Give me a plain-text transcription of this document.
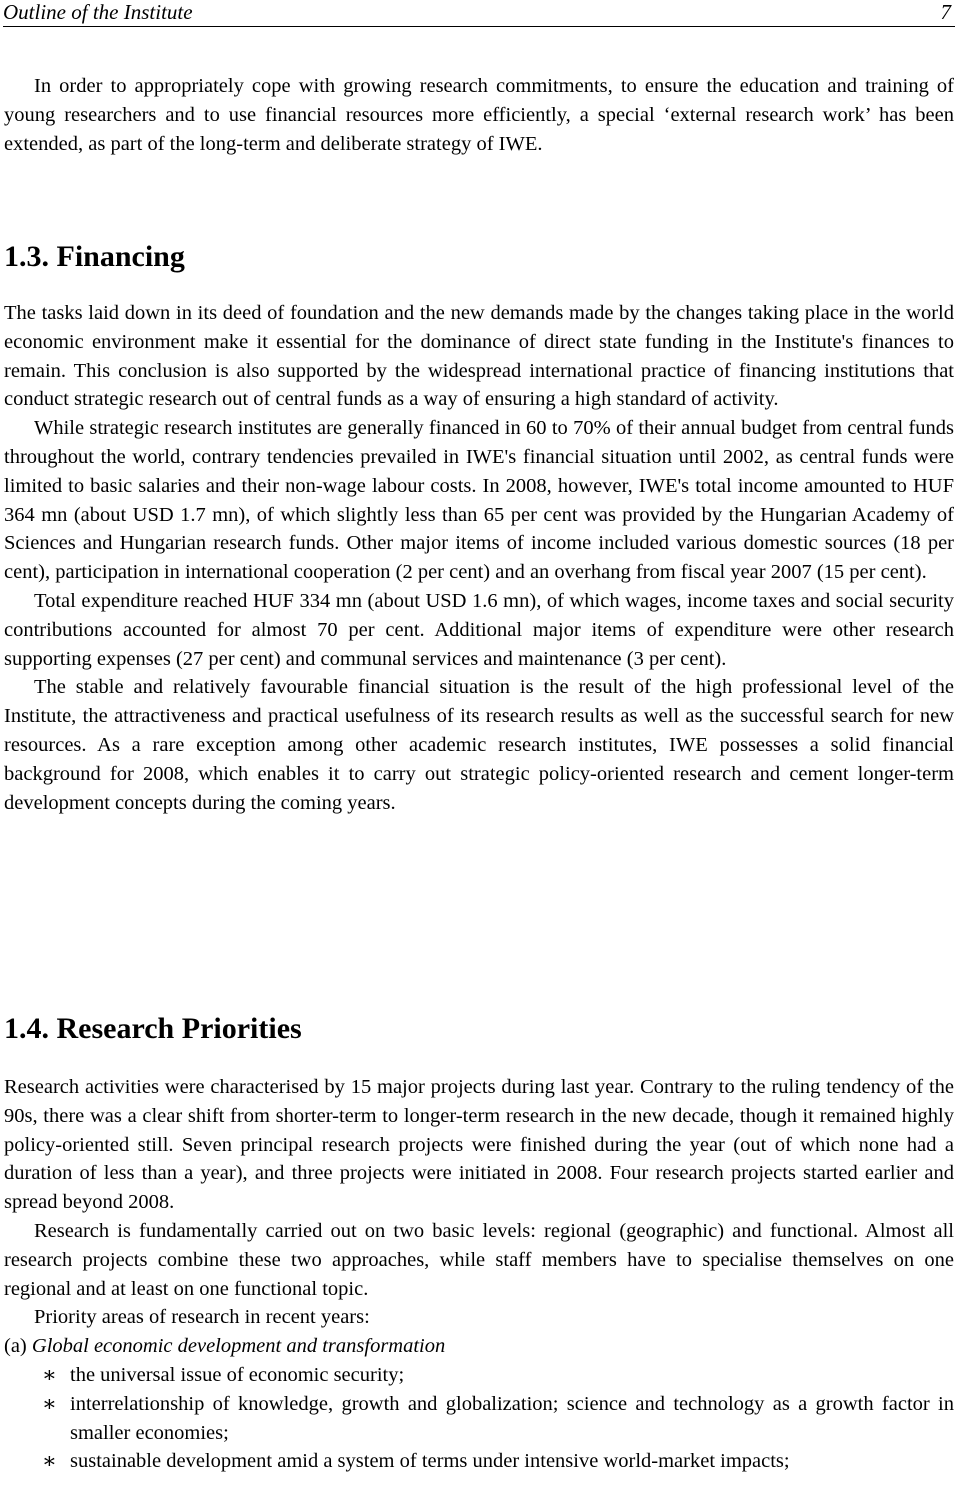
Outline of the Institute	7

In order to appropriately cope with growing research commitments, to ensure the education and training of young researchers and to use financial resources more efficiently, a special ‘external research work’ has been extended, as part of the long-term and deliberate strategy of IWE.

1.3. Financing

The tasks laid down in its deed of foundation and the new demands made by the changes taking place in the world economic environment make it essential for the dominance of direct state funding in the Institute's finances to remain. This conclusion is also supported by the widespread international practice of financing institutions that conduct strategic research out of central funds as a way of ensuring a high standard of activity.

While strategic research institutes are generally financed in 60 to 70% of their annual budget from central funds throughout the world, contrary tendencies prevailed in IWE's financial situation until 2002, as central funds were limited to basic salaries and their non-wage labour costs. In 2008, however, IWE's total income amounted to HUF 364 mn (about USD 1.7 mn), of which slightly less than 65 per cent was provided by the Hungarian Academy of Sciences and Hungarian research funds. Other major items of income included various domestic sources (18 per cent), participation in international cooperation (2 per cent) and an overhang from fiscal year 2007 (15 per cent).

Total expenditure reached HUF 334 mn (about USD 1.6 mn), of which wages, income taxes and social security contributions accounted for almost 70 per cent. Additional major items of expenditure were other research supporting expenses (27 per cent) and communal services and maintenance (3 per cent).

The stable and relatively favourable financial situation is the result of the high professional level of the Institute, the attractiveness and practical usefulness of its research results as well as the successful search for new resources. As a rare exception among other academic research institutes, IWE possesses a solid financial background for 2008, which enables it to carry out strategic policy-oriented research and cement longer-term development concepts during the coming years.

1.4. Research Priorities

Research activities were characterised by 15 major projects during last year. Contrary to the ruling tendency of the 90s, there was a clear shift from shorter-term to longer-term research in the new decade, though it remained highly policy-oriented still. Seven principal research projects were finished during the year (out of which none had a duration of less than a year), and three projects were initiated in 2008. Four research projects started earlier and spread beyond 2008.

Research is fundamentally carried out on two basic levels: regional (geographic) and functional. Almost all research projects combine these two approaches, while staff members have to specialise themselves on one regional and at least on one functional topic.

Priority areas of research in recent years:

(a) Global economic development and transformation

∗ the universal issue of economic security;
∗ interrelationship of knowledge, growth and globalization; science and technology as a growth factor in smaller economies;
∗ sustainable development amid a system of terms under intensive world-market impacts;
